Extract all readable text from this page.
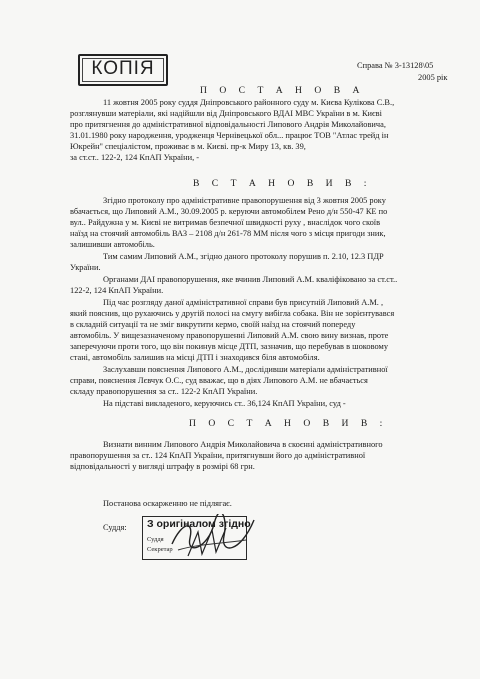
КОПІЯ	Справа № 3-13128\05
2005 рік
П О С Т А Н О В А
11 жовтня 2005 року суддя Дніпровського районного суду м. Києва Кулікова С.В.,
розглянувши матеріали, які надійшли від Дніпровського ВДАІ МВС України в м. Києві
про притягнення до адміністративної відповідальності Липового Андрія Миколайовича,
31.01.1980 року народження, уродженця Чернівецької обл... працює ТОВ "Атлас трейд ін
Юкрейн" спеціалістом, проживає в м. Києві. пр-к Миру 13, кв. 39,
за ст.ст.. 122-2, 124 КпАП України, -
В С Т А Н О В И В :
Згідно протоколу про адміністративне правопорушення від 3 жовтня 2005 року
вбачається, що Липовий А.М., 30.09.2005 р. керуючи автомобілем Рено д/н 550-47 КЕ по
вул.. Райдужна у м. Києві не витримав безпечної швидкості руху , внаслідок чого скоїв
наїзд на стоячий автомобіль ВАЗ – 2108 д/н 261-78 ММ після чого з місця пригоди зник,
залишивши автомобіль.
Тим самим Липовий А.М., згідно даного протоколу порушив п. 2.10, 12.3 ПДР
України.
Органами ДАІ правопорушення, яке вчинив Липовий А.М. кваліфіковано за ст.ст..
122-2, 124 КпАП України.
Під час розгляду даної адміністративної справи був присутній Липовий А.М. ,
який пояснив, що рухаючись у другій полосі на смугу вибігла собака. Він не зорієнтувався
в складній ситуації та не зміг викрутити кермо, своїй наїзд на стоячий попереду
автомобіль. У вищезазначеному правопорушенні Липовий А.М. свою вину визнав, проте
заперечуючи проти того, що він покинув місце ДТП, зазначив, що перебував в шоковому
стані, автомобіль залишив на місці ДТП і знаходився біля автомобіля.
Заслухавши пояснення Липового А.М., дослідивши матеріали адміністративної
справи, пояснення Лєвчук О.С., суд вважає, що в діях Липового А.М. не вбачається
складу правопорушення за ст.. 122-2 КпАП України.
На підставі викладеного, керуючись ст.. 36,124 КпАП України, суд -
П О С Т А Н О В И В :
Визнати винним Липового Андрія Миколайовича в скоєнні адміністративного
правопорушення за ст.. 124 КпАП України, притягнувши його до адміністративної
відповідальності у вигляді штрафу в розмірі 68 грн.
Постанова оскарженню не підлягає.
Суддя: З оригіналом згідно
Суддя
Секретар
